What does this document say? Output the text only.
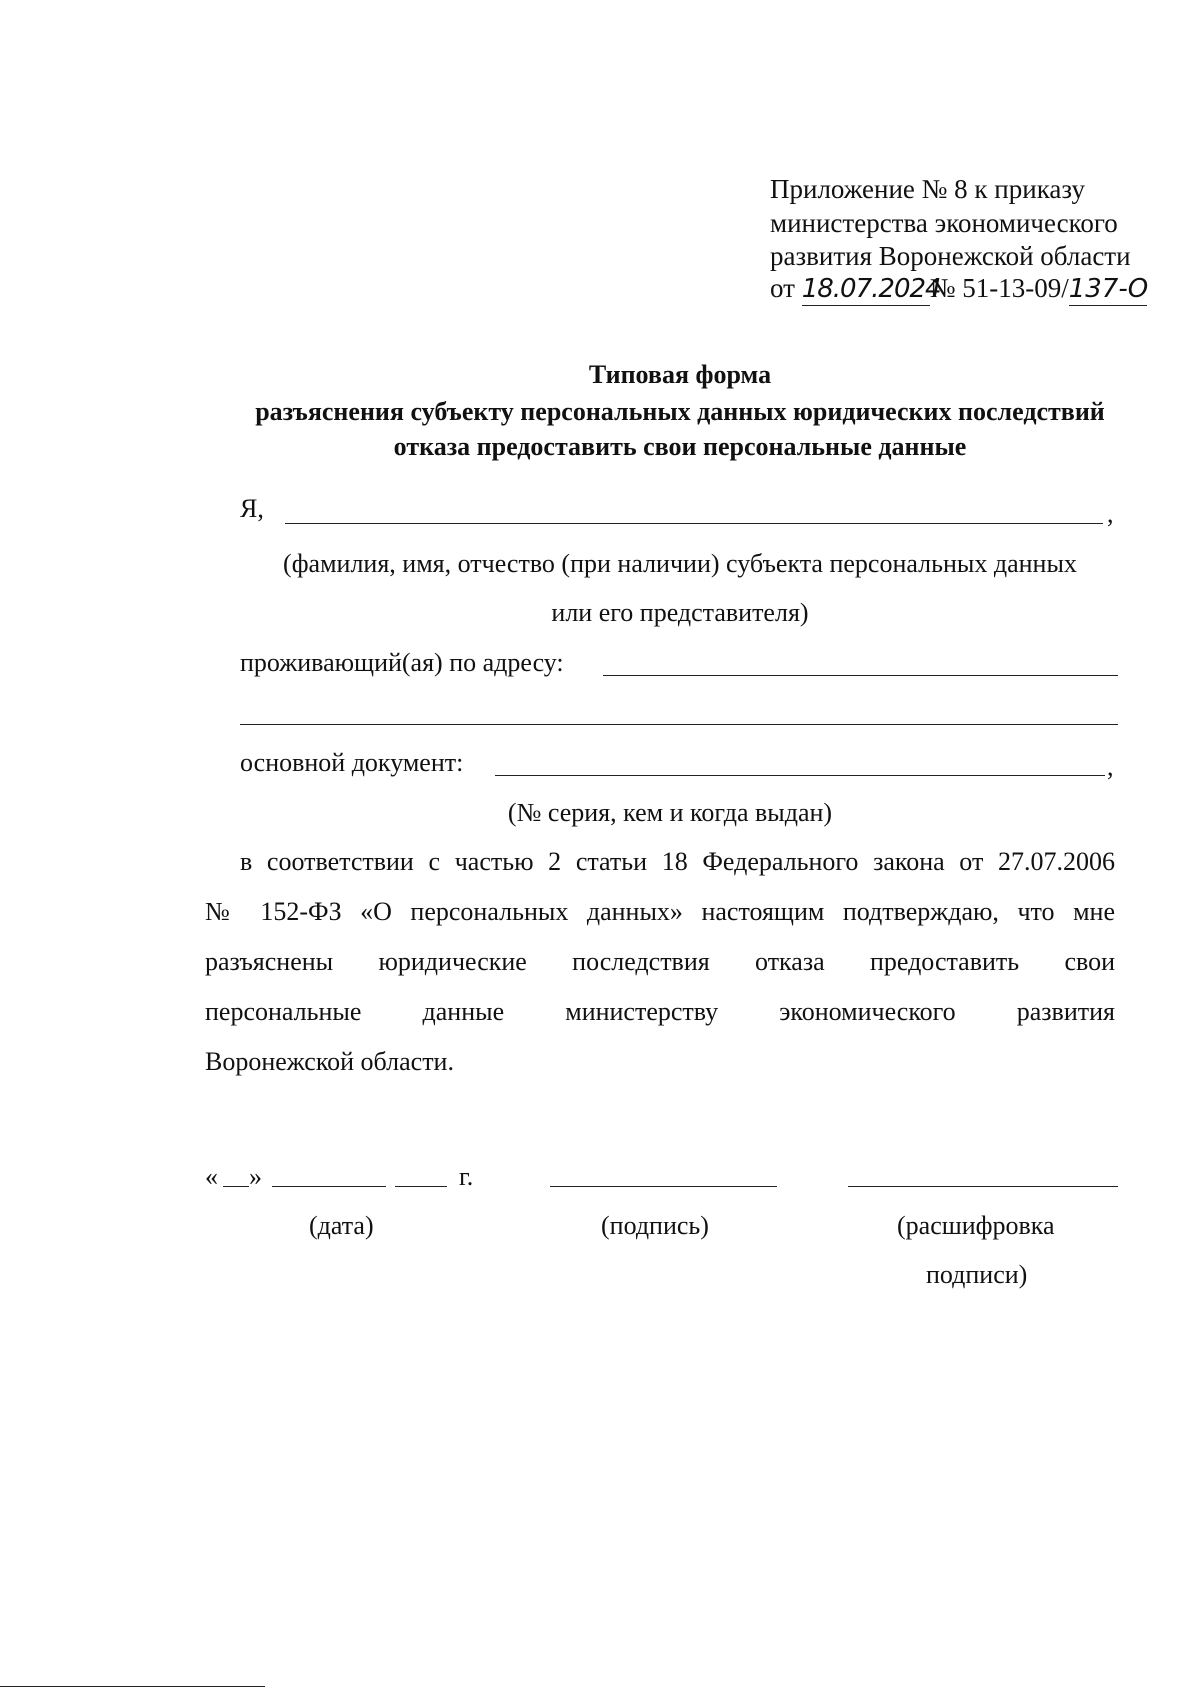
Приложение № 8 к приказу
министерства экономического
развития Воронежской области
от 18.07.2024№ 51-13-09/137-О
Типовая форма
разъяснения субъекту персональных данных юридических последствий
отказа предоставить свои персональные данные
Я,	,
(фамилия, имя, отчество (при наличии) субъекта персональных данных
или его представителя)
проживающий(ая) по адресу:
основной документ:	,
(№ серия, кем и когда выдан)
в соответствии с частью 2 статьи 18 Федерального закона от 27.07.2006
№ 152-ФЗ «О персональных данных» настоящим подтверждаю, что мне
разъяснены юридические последствия отказа предоставить свои
персональные данные министерству экономического развития
Воронежской области.
« »	г.
(дата)	(подпись)	(расшифровка
подписи)
